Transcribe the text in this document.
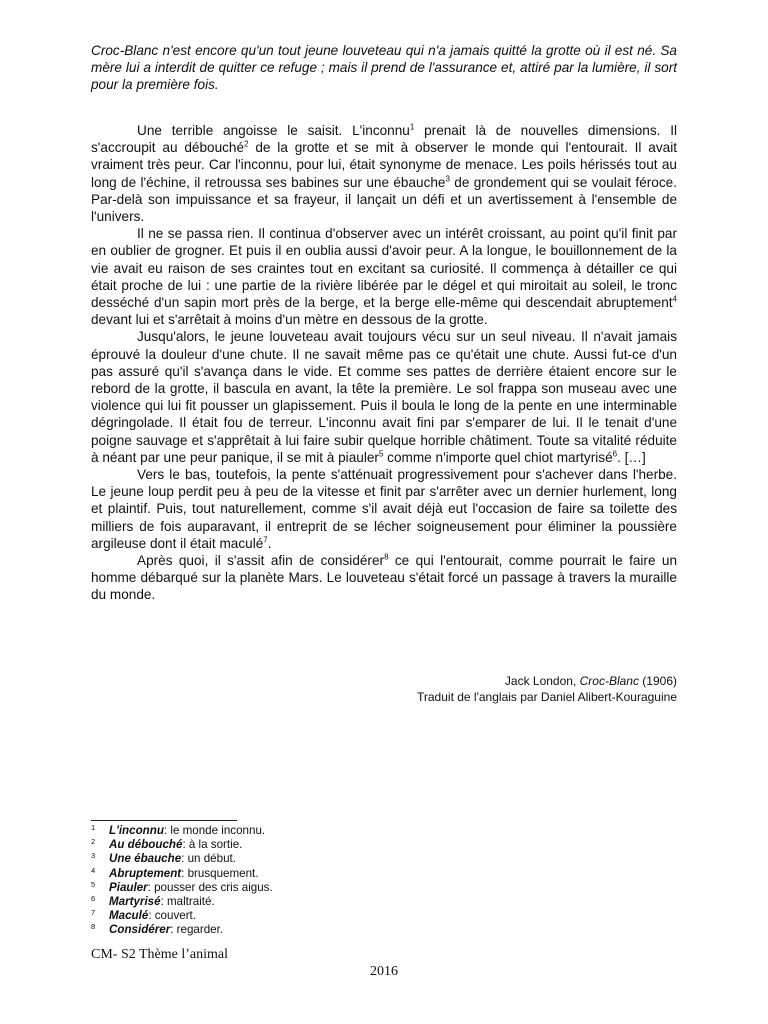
Croc-Blanc n'est encore qu'un tout jeune louveteau qui n'a jamais quitté la grotte où il est né. Sa mère lui a interdit de quitter ce refuge ; mais il prend de l'assurance et, attiré par la lumière, il sort pour la première fois.

Une terrible angoisse le saisit. L'inconnu$^1$ prenait là de nouvelles dimensions. Il s'accroupit au débouché$^2$ de la grotte et se mit à observer le monde qui l'entourait. Il avait vraiment très peur. Car l'inconnu, pour lui, était synonyme de menace. Les poils hérissés tout au long de l'échine, il retroussa ses babines sur une ébauche$^3$ de grondement qui se voulait féroce. Par-delà son impuissance et sa frayeur, il lançait un défi et un avertissement à l'ensemble de l'univers.

Il ne se passa rien. Il continua d'observer avec un intérêt croissant, au point qu'il finit par en oublier de grogner. Et puis il en oublia aussi d'avoir peur. A la longue, le bouillonnement de la vie avait eu raison de ses craintes tout en excitant sa curiosité. Il commença à détailler ce qui était proche de lui : une partie de la rivière libérée par le dégel et qui miroitait au soleil, le tronc desséché d'un sapin mort près de la berge, et la berge elle-même qui descendait abruptement$^4$ devant lui et s'arrêtait à moins d'un mètre en dessous de la grotte.

Jusqu'alors, le jeune louveteau avait toujours vécu sur un seul niveau. Il n'avait jamais éprouvé la douleur d'une chute. Il ne savait même pas ce qu'était une chute. Aussi fut-ce d'un pas assuré qu'il s'avança dans le vide. Et comme ses pattes de derrière étaient encore sur le rebord de la grotte, il bascula en avant, la tête la première. Le sol frappa son museau avec une violence qui lui fit pousser un glapissement. Puis il boula le long de la pente en une interminable dégringolade. Il était fou de terreur. L'inconnu avait fini par s'emparer de lui. Il le tenait d'une poigne sauvage et s'apprêtait à lui faire subir quelque horrible châtiment. Toute sa vitalité réduite à néant par une peur panique, il se mit à piauler$^5$ comme n'importe quel chiot martyrisé$^6$. […]

Vers le bas, toutefois, la pente s'atténuait progressivement pour s'achever dans l'herbe. Le jeune loup perdit peu à peu de la vitesse et finit par s'arrêter avec un dernier hurlement, long et plaintif. Puis, tout naturellement, comme s'il avait déjà eut l'occasion de faire sa toilette des milliers de fois auparavant, il entreprit de se lécher soigneusement pour éliminer la poussière argileuse dont il était maculé$^7$.

Après quoi, il s'assit afin de considérer$^8$ ce qui l'entourait, comme pourrait le faire un homme débarqué sur la planète Mars. Le louveteau s'était forcé un passage à travers la muraille du monde.

Jack London, Croc-Blanc (1906)
Traduit de l'anglais par Daniel Alibert-Kouraguine
1 L'inconnu: le monde inconnu.
2 Au débouché: à la sortie.
3 Une ébauche: un début.
4 Abruptement: brusquement.
5 Piauler: pousser des cris aigus.
6 Martyrisé: maltraité.
7 Maculé: couvert.
8 Considérer: regarder.
CM- S2 Thème l’animal
2016
